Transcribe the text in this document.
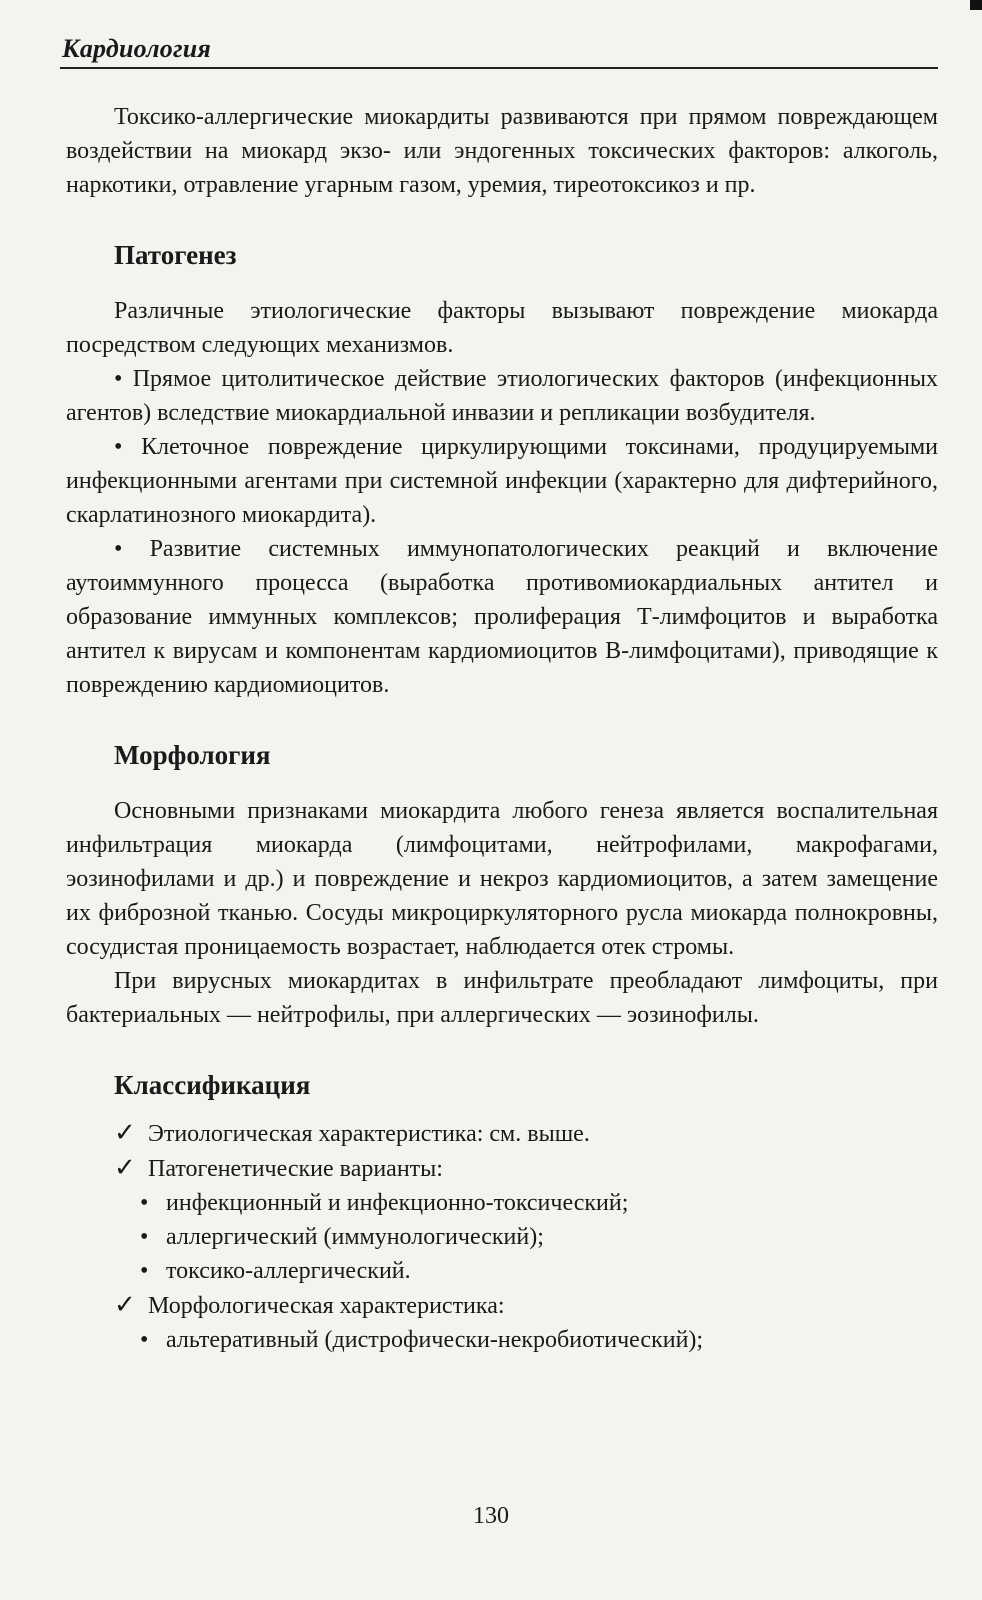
Кардиология

Токсико-аллергические миокардиты развиваются при прямом повреждающем воздействии на миокард экзо- или эндогенных токсических факторов: алкоголь, наркотики, отравление угарным газом, уремия, тиреотоксикоз и пр.

Патогенез

Различные этиологические факторы вызывают повреждение миокарда посредством следующих механизмов.

• Прямое цитолитическое действие этиологических факторов (инфекционных агентов) вследствие миокардиальной инвазии и репликации возбудителя.

• Клеточное повреждение циркулирующими токсинами, продуцируемыми инфекционными агентами при системной инфекции (характерно для дифтерийного, скарлатинозного миокардита).

• Развитие системных иммунопатологических реакций и включение аутоиммунного процесса (выработка противомиокардиальных антител и образование иммунных комплексов; пролиферация Т-лимфоцитов и выработка антител к вирусам и компонентам кардиомиоцитов В-лимфоцитами), приводящие к повреждению кардиомиоцитов.

Морфология

Основными признаками миокардита любого генеза является воспалительная инфильтрация миокарда (лимфоцитами, нейтрофилами, макрофагами, эозинофилами и др.) и повреждение и некроз кардиомиоцитов, а затем замещение их фиброзной тканью. Сосуды микроциркуляторного русла миокарда полнокровны, сосудистая проницаемость возрастает, наблюдается отек стромы.

При вирусных миокардитах в инфильтрате преобладают лимфоциты, при бактериальных — нейтрофилы, при аллергических — эозинофилы.

Классификация
✓ Этиологическая характеристика: см. выше.
✓ Патогенетические варианты:
• инфекционный и инфекционно-токсический;
• аллергический (иммунологический);
• токсико-аллергический.
✓ Морфологическая характеристика:
• альтеративный (дистрофически-некробиотический);
130
